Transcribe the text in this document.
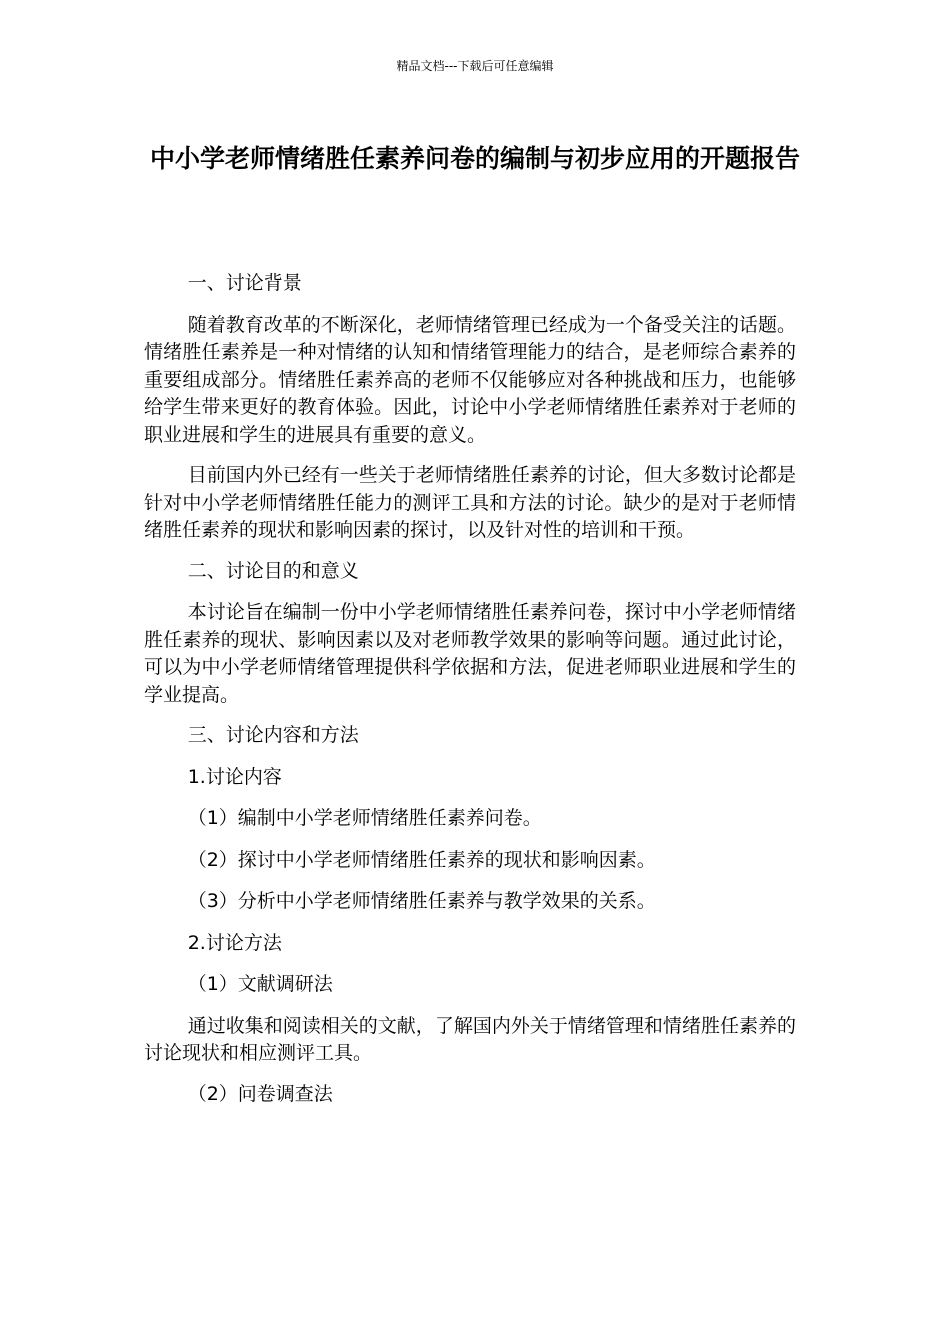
精品文档---下载后可任意编辑
中小学老师情绪胜任素养问卷的编制与初步应用的开题报告

一、讨论背景

随着教育改革的不断深化，老师情绪管理已经成为一个备受关注的话题。情绪胜任素养是一种对情绪的认知和情绪管理能力的结合，是老师综合素养的重要组成部分。情绪胜任素养高的老师不仅能够应对各种挑战和压力，也能够给学生带来更好的教育体验。因此，讨论中小学老师情绪胜任素养对于老师的职业进展和学生的进展具有重要的意义。

目前国内外已经有一些关于老师情绪胜任素养的讨论，但大多数讨论都是针对中小学老师情绪胜任能力的测评工具和方法的讨论。缺少的是对于老师情绪胜任素养的现状和影响因素的探讨，以及针对性的培训和干预。

二、讨论目的和意义

本讨论旨在编制一份中小学老师情绪胜任素养问卷，探讨中小学老师情绪胜任素养的现状、影响因素以及对老师教学效果的影响等问题。通过此讨论，可以为中小学老师情绪管理提供科学依据和方法，促进老师职业进展和学生的学业提高。

三、讨论内容和方法

1.讨论内容

（1）编制中小学老师情绪胜任素养问卷。

（2）探讨中小学老师情绪胜任素养的现状和影响因素。

（3）分析中小学老师情绪胜任素养与教学效果的关系。

2.讨论方法

（1）文献调研法

通过收集和阅读相关的文献，了解国内外关于情绪管理和情绪胜任素养的讨论现状和相应测评工具。

（2）问卷调查法
